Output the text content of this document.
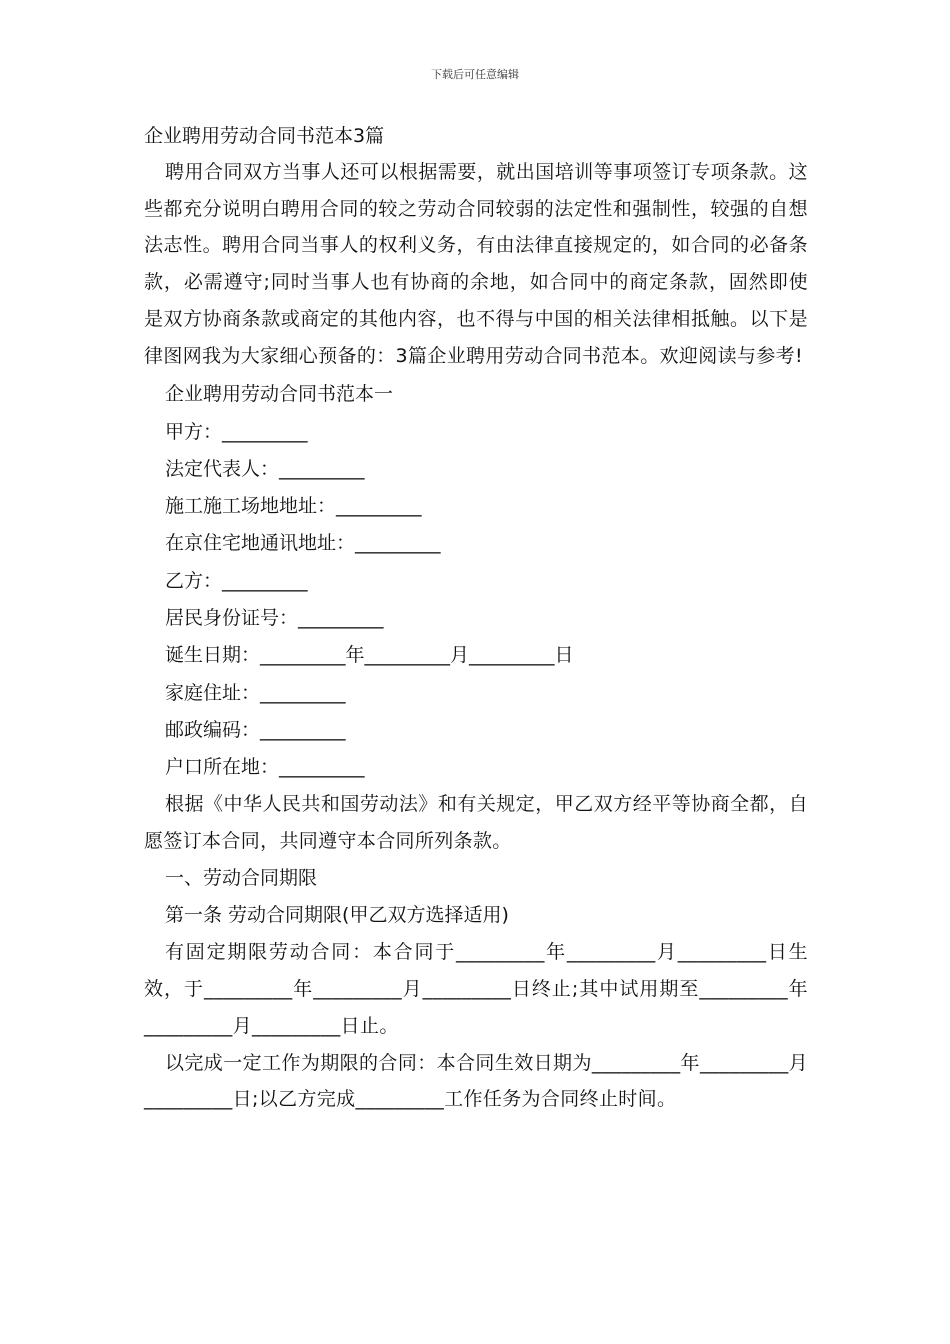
下载后可任意编辑

企业聘用劳动合同书范本3篇

聘用合同双方当事人还可以根据需要，就出国培训等事项签订专项条款。这些都充分说明白聘用合同的较之劳动合同较弱的法定性和强制性，较强的自想法志性。聘用合同当事人的权利义务，有由法律直接规定的，如合同的必备条款，必需遵守;同时当事人也有协商的余地，如合同中的商定条款，固然即使是双方协商条款或商定的其他内容，也不得与中国的相关法律相抵触。以下是律图网我为大家细心预备的：3篇企业聘用劳动合同书范本。欢迎阅读与参考!

企业聘用劳动合同书范本一

甲方：_________

法定代表人：_________

施工施工场地地址：_________

在京住宅地通讯地址：_________

乙方：_________

居民身份证号：_________

诞生日期：_________年_________月_________日

家庭住址：_________

邮政编码：_________

户口所在地：_________

根据《中华人民共和国劳动法》和有关规定，甲乙双方经平等协商全都，自愿签订本合同，共同遵守本合同所列条款。

一、劳动合同期限

第一条 劳动合同期限(甲乙双方选择适用)

有固定期限劳动合同：本合同于_________年_________月_________日生效，于_________年_________月_________日终止;其中试用期至_________年_________月_________日止。

以完成一定工作为期限的合同：本合同生效日期为_________年_________月_________日;以乙方完成_________工作任务为合同终止时间。
